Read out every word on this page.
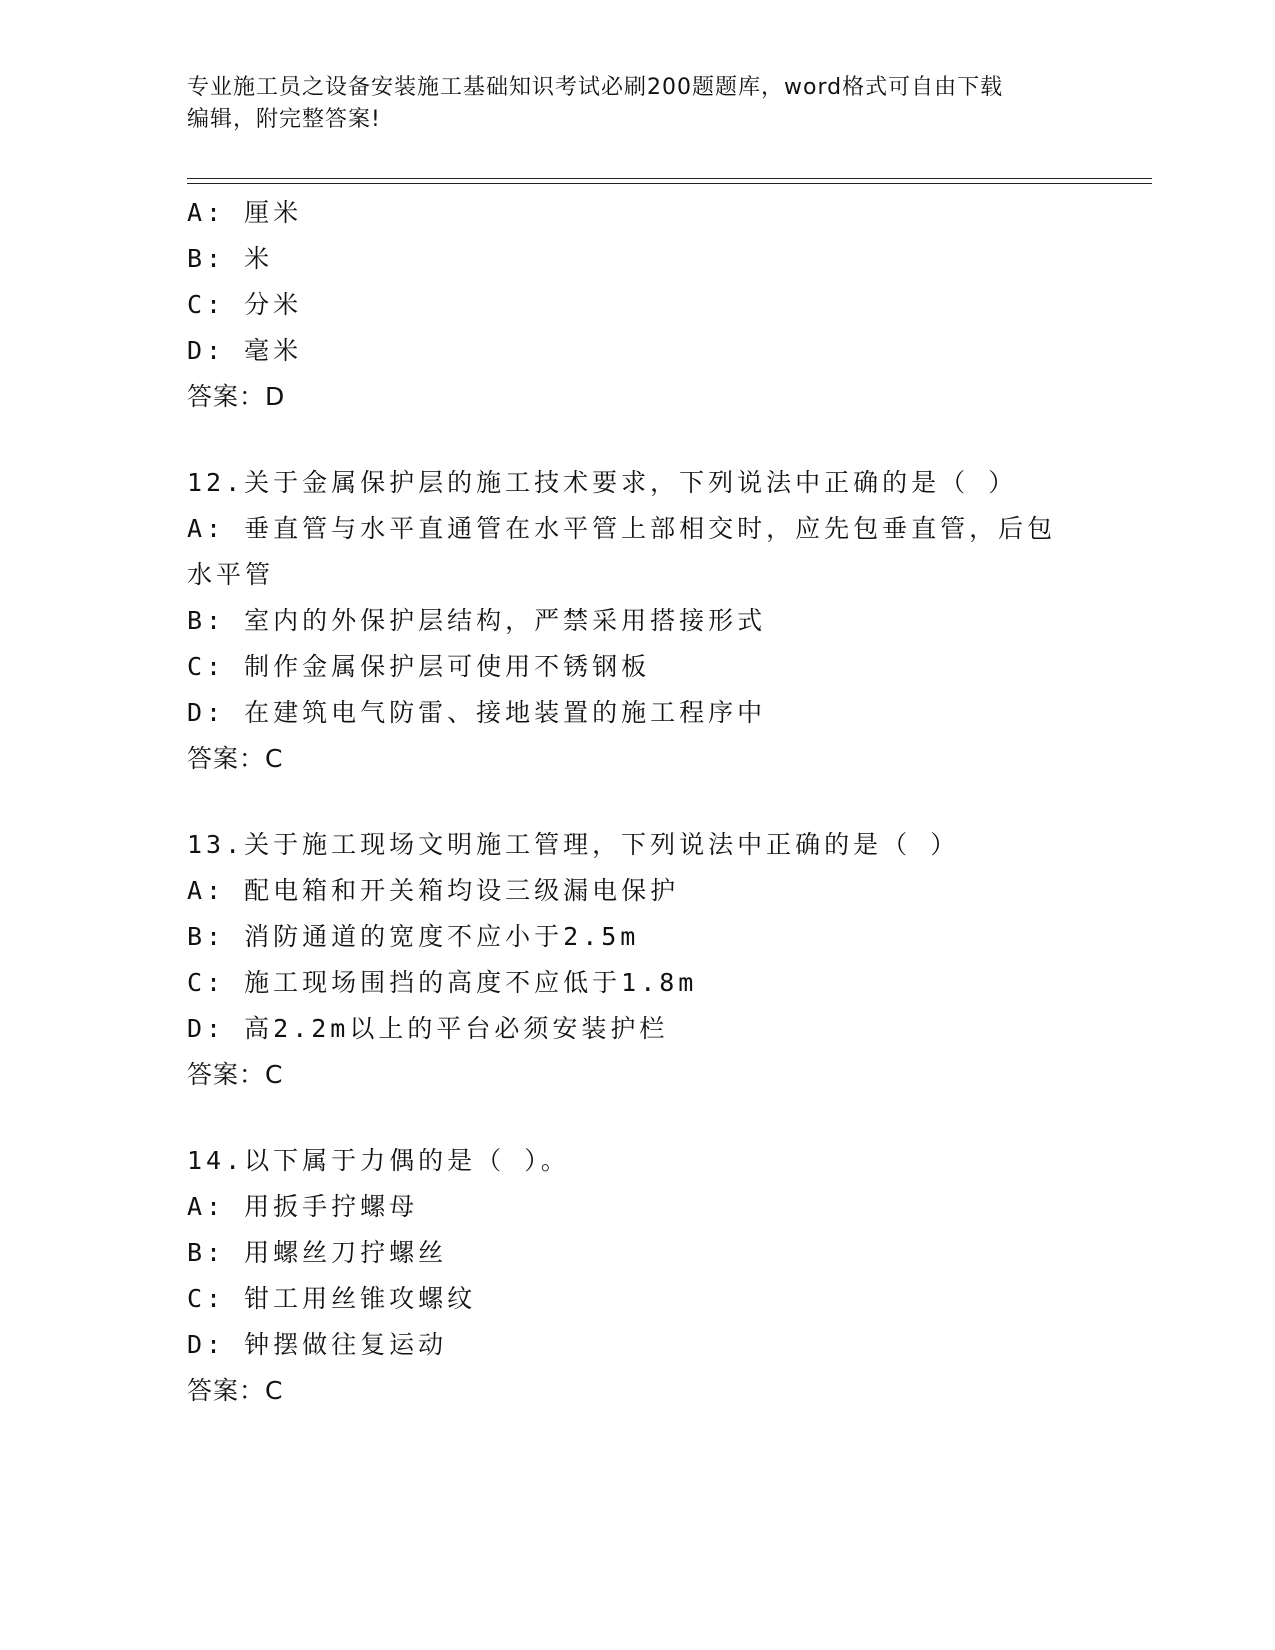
专业施工员之设备安装施工基础知识考试必刷200题题库，word格式可自由下载
编辑，附完整答案!
A: 厘米
B: 米
C: 分米
D: 毫米
答案：D
12.关于金属保护层的施工技术要求，下列说法中正确的是（ ）
A: 垂直管与水平直通管在水平管上部相交时，应先包垂直管，后包水平管
B: 室内的外保护层结构，严禁采用搭接形式
C: 制作金属保护层可使用不锈钢板
D: 在建筑电气防雷、接地装置的施工程序中
答案：C
13.关于施工现场文明施工管理，下列说法中正确的是（ ）
A: 配电箱和开关箱均设三级漏电保护
B: 消防通道的宽度不应小于2.5m
C: 施工现场围挡的高度不应低于1.8m
D: 高2.2m以上的平台必须安装护栏
答案：C
14.以下属于力偶的是（ ）。
A: 用扳手拧螺母
B: 用螺丝刀拧螺丝
C: 钳工用丝锥攻螺纹
D: 钟摆做往复运动
答案：C
